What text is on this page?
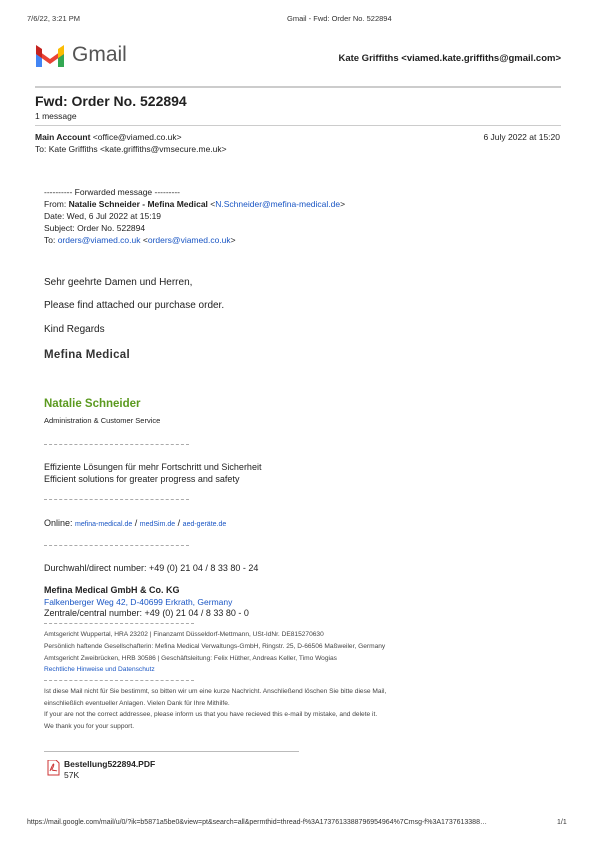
7/6/22, 3:21 PM	Gmail - Fwd: Order No. 522894
Gmail	Kate Griffiths <viamed.kate.griffiths@gmail.com>
Fwd: Order No. 522894
1 message
Main Account <office@viamed.co.uk>	6 July 2022 at 15:20
To: Kate Griffiths <kate.griffiths@vmsecure.me.uk>
---------- Forwarded message ---------
From: Natalie Schneider - Mefina Medical <N.Schneider@mefina-medical.de>
Date: Wed, 6 Jul 2022 at 15:19
Subject: Order No. 522894
To: orders@viamed.co.uk <orders@viamed.co.uk>
Sehr geehrte Damen und Herren,
Please find attached our purchase order.
Kind Regards
Mefina Medical
Natalie Schneider
Administration & Customer Service
Effiziente Lösungen für mehr Fortschritt und Sicherheit
Efficient solutions for greater progress and safety
Online: mefina-medical.de / medSim.de / aed-geräte.de
Durchwahl/direct number: +49 (0) 21 04 / 8 33 80 - 24
Mefina Medical GmbH & Co. KG
Falkenberger Weg 42, D-40699 Erkrath, Germany
Zentrale/central number: +49 (0) 21 04 / 8 33 80 - 0
Amtsgericht Wuppertal, HRA 23202 | Finanzamt Düsseldorf-Mettmann, USt-IdNr. DE815270630
Persönlich haftende Gesellschafterin: Mefina Medical Verwaltungs-GmbH, Ringstr. 25, D-66506 Maßweiler, Germany
Amtsgericht Zweibrücken, HRB 30586 | Geschäftsleitung: Felix Hüther, Andreas Keller, Timo Wogias
Rechtliche Hinweise und Datenschutz
Ist diese Mail nicht für Sie bestimmt, so bitten wir um eine kurze Nachricht. Anschließend löschen Sie bitte diese Mail,
einschließlich eventueller Anlagen. Vielen Dank für Ihre Mithilfe.
If your are not the correct addressee, please inform us that you have recieved this e-mail by mistake, and delete it.
We thank you for your support.
Bestellung522894.PDF
57K
https://mail.google.com/mail/u/0/?ik=b5871a5be0&view=pt&search=all&permthid=thread-f%3A1737613388796954964%7Cmsg-f%3A1737613388…	1/1
